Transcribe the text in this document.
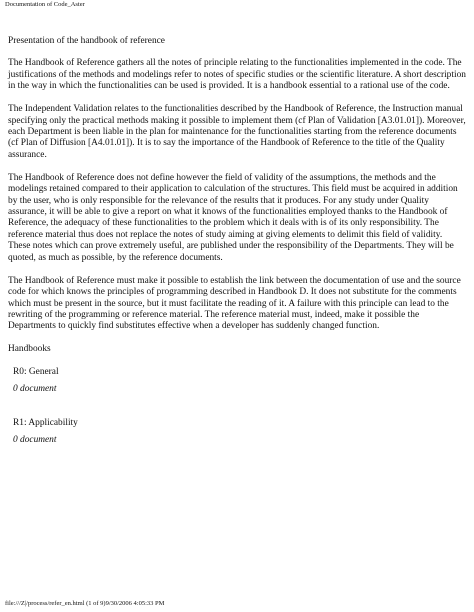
Documentation of Code_Aster

Presentation of the handbook of reference

The Handbook of Reference gathers all the notes of principle relating to the functionalities implemented in the code. The justifications of the methods and modelings refer to notes of specific studies or the scientific literature. A short description in the way in which the functionalities can be used is provided. It is a handbook essential to a rational use of the code.

The Independent Validation relates to the functionalities described by the Handbook of Reference, the Instruction manual specifying only the practical methods making it possible to implement them (cf Plan of Validation [A3.01.01]). Moreover, each Department is been liable in the plan for maintenance for the functionalities starting from the reference documents (cf Plan of Diffusion [A4.01.01]). It is to say the importance of the Handbook of Reference to the title of the Quality assurance.

The Handbook of Reference does not define however the field of validity of the assumptions, the methods and the modelings retained compared to their application to calculation of the structures. This field must be acquired in addition by the user, who is only responsible for the relevance of the results that it produces. For any study under Quality assurance, it will be able to give a report on what it knows of the functionalities employed thanks to the Handbook of Reference, the adequacy of these functionalities to the problem which it deals with is of its only responsibility. The reference material thus does not replace the notes of study aiming at giving elements to delimit this field of validity. These notes which can prove extremely useful, are published under the responsibility of the Departments. They will be quoted, as much as possible, by the reference documents.

The Handbook of Reference must make it possible to establish the link between the documentation of use and the source code for which knows the principles of programming described in Handbook D. It does not substitute for the comments which must be present in the source, but it must facilitate the reading of it. A failure with this principle can lead to the rewriting of the programming or reference material. The reference material must, indeed, make it possible the Departments to quickly find substitutes effective when a developer has suddenly changed function.

Handbooks

R0: General
0 document
R1: Applicability
0 document
file:///Z|/process/refer_en.html (1 of 9)9/30/2006 4:05:33 PM
